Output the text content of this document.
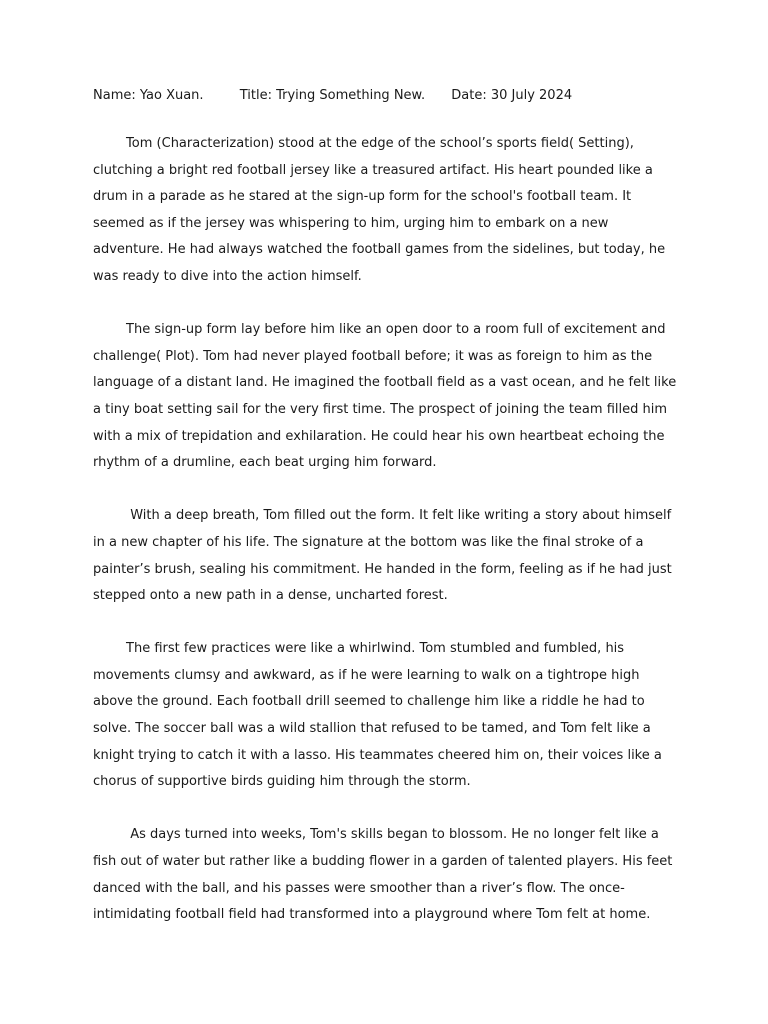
Name: Yao Xuan.	Title: Trying Something New. Date: 30 July 2024

Tom (Characterization) stood at the edge of the school’s sports field( Setting), clutching a bright red football jersey like a treasured artifact. His heart pounded like a drum in a parade as he stared at the sign-up form for the school's football team. It seemed as if the jersey was whispering to him, urging him to embark on a new adventure. He had always watched the football games from the sidelines, but today, he was ready to dive into the action himself.

The sign-up form lay before him like an open door to a room full of excitement and challenge( Plot). Tom had never played football before; it was as foreign to him as the language of a distant land. He imagined the football field as a vast ocean, and he felt like a tiny boat setting sail for the very first time. The prospect of joining the team filled him with a mix of trepidation and exhilaration. He could hear his own heartbeat echoing the rhythm of a drumline, each beat urging him forward.

With a deep breath, Tom filled out the form. It felt like writing a story about himself in a new chapter of his life. The signature at the bottom was like the final stroke of a painter’s brush, sealing his commitment. He handed in the form, feeling as if he had just stepped onto a new path in a dense, uncharted forest.

The first few practices were like a whirlwind. Tom stumbled and fumbled, his movements clumsy and awkward, as if he were learning to walk on a tightrope high above the ground. Each football drill seemed to challenge him like a riddle he had to solve. The soccer ball was a wild stallion that refused to be tamed, and Tom felt like a knight trying to catch it with a lasso. His teammates cheered him on, their voices like a chorus of supportive birds guiding him through the storm.

As days turned into weeks, Tom's skills began to blossom. He no longer felt like a fish out of water but rather like a budding flower in a garden of talented players. His feet danced with the ball, and his passes were smoother than a river’s flow. The once-intimidating football field had transformed into a playground where Tom felt at home.
